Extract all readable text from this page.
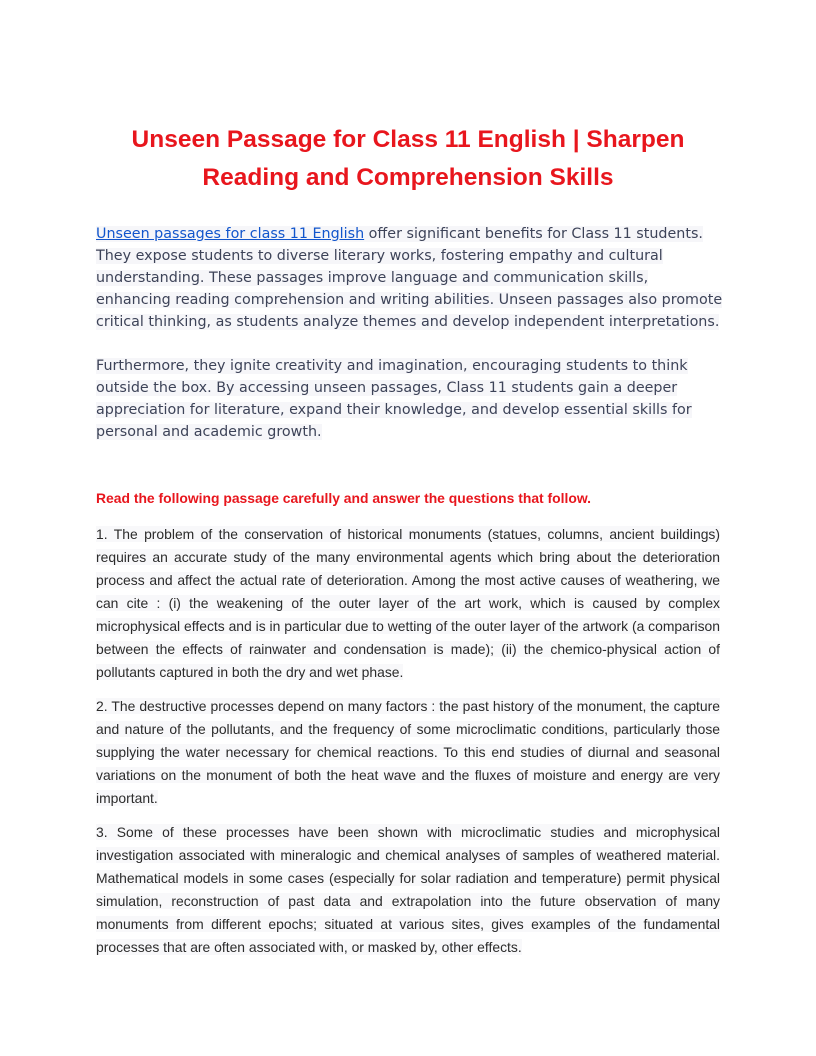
Unseen Passage for Class 11 English | Sharpen Reading and Comprehension Skills

Unseen passages for class 11 English offer significant benefits for Class 11 students. They expose students to diverse literary works, fostering empathy and cultural understanding. These passages improve language and communication skills, enhancing reading comprehension and writing abilities. Unseen passages also promote critical thinking, as students analyze themes and develop independent interpretations.

Furthermore, they ignite creativity and imagination, encouraging students to think outside the box. By accessing unseen passages, Class 11 students gain a deeper appreciation for literature, expand their knowledge, and develop essential skills for personal and academic growth.

Read the following passage carefully and answer the questions that follow.

1. The problem of the conservation of historical monuments (statues, columns, ancient buildings) requires an accurate study of the many environmental agents which bring about the deterioration process and affect the actual rate of deterioration. Among the most active causes of weathering, we can cite : (i) the weakening of the outer layer of the art work, which is caused by complex microphysical effects and is in particular due to wetting of the outer layer of the artwork (a comparison between the effects of rainwater and condensation is made); (ii) the chemico-physical action of pollutants captured in both the dry and wet phase.

2. The destructive processes depend on many factors : the past history of the monument, the capture and nature of the pollutants, and the frequency of some microclimatic conditions, particularly those supplying the water necessary for chemical reactions. To this end studies of diurnal and seasonal variations on the monument of both the heat wave and the fluxes of moisture and energy are very important.

3. Some of these processes have been shown with microclimatic studies and microphysical investigation associated with mineralogic and chemical analyses of samples of weathered material. Mathematical models in some cases (especially for solar radiation and temperature) permit physical simulation, reconstruction of past data and extrapolation into the future observation of many monuments from different epochs; situated at various sites, gives examples of the fundamental processes that are often associated with, or masked by, other effects.
